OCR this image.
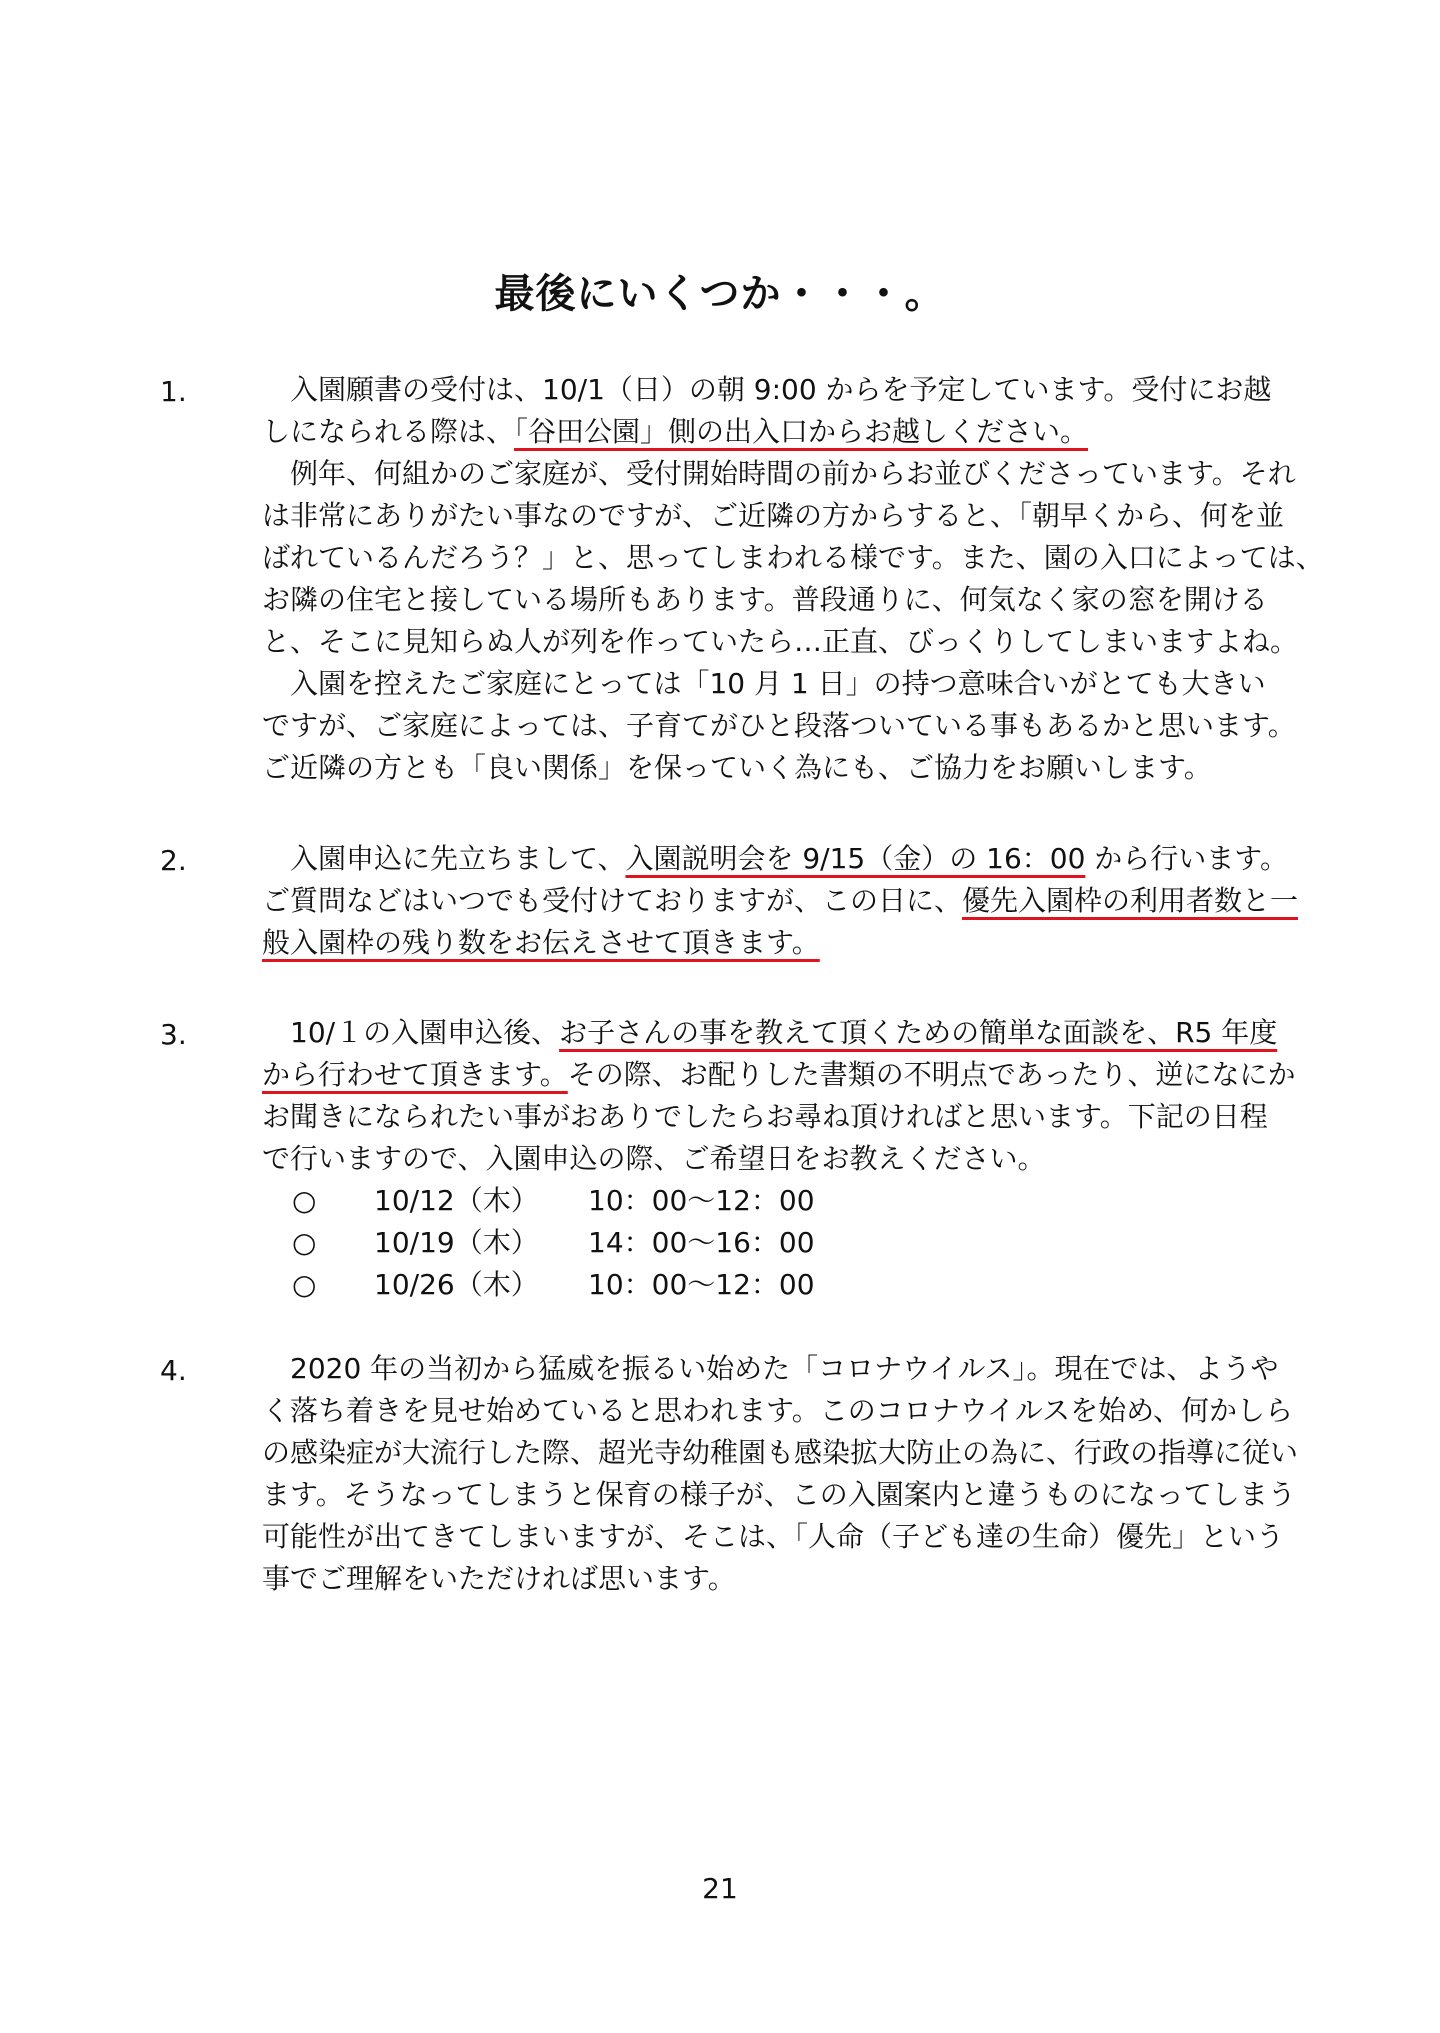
最後にいくつか・・・。
1.	入園願書の受付は、10/1（日）の朝 9:00 からを予定しています。受付にお越
しになられる際は、「谷田公園」側の出入口からお越しください。
例年、何組かのご家庭が、受付開始時間の前からお並びくださっています。それ
は非常にありがたい事なのですが、ご近隣の方からすると、「朝早くから、何を並
ばれているんだろう？」と、思ってしまわれる様です。また、園の入口によっては、
お隣の住宅と接している場所もあります。普段通りに、何気なく家の窓を開ける
と、そこに見知らぬ人が列を作っていたら…正直、びっくりしてしまいますよね。
入園を控えたご家庭にとっては「10 月 1 日」の持つ意味合いがとても大きい
ですが、ご家庭によっては、子育てがひと段落ついている事もあるかと思います。
ご近隣の方とも「良い関係」を保っていく為にも、ご協力をお願いします。
2.	入園申込に先立ちまして、入園説明会を 9/15（金）の 16：00 から行います。
ご質問などはいつでも受付けておりますが、この日に、優先入園枠の利用者数と一
般入園枠の残り数をお伝えさせて頂きます。
3.	10/１の入園申込後、お子さんの事を教えて頂くための簡単な面談を、R5 年度
から行わせて頂きます。その際、お配りした書類の不明点であったり、逆になにか
お聞きになられたい事がおありでしたらお尋ね頂ければと思います。下記の日程
で行いますので、入園申込の際、ご希望日をお教えください。
○ 10/12（木） 10：00～12：00
○ 10/19（木） 14：00～16：00
○ 10/26（木） 10：00～12：00
4.	2020 年の当初から猛威を振るい始めた「コロナウイルス」。現在では、ようや
く落ち着きを見せ始めていると思われます。このコロナウイルスを始め、何かしら
の感染症が大流行した際、超光寺幼稚園も感染拡大防止の為に、行政の指導に従い
ます。そうなってしまうと保育の様子が、この入園案内と違うものになってしまう
可能性が出てきてしまいますが、そこは、「人命（子ども達の生命）優先」という
事でご理解をいただければ思います。
21
